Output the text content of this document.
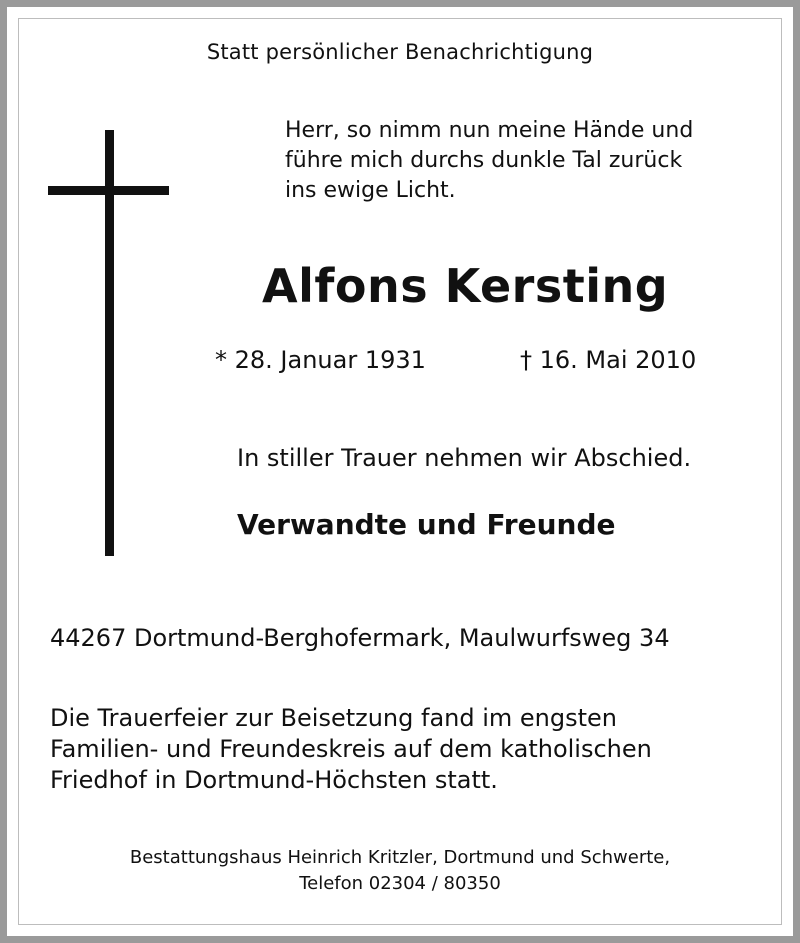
Statt persönlicher Benachrichtigung
Herr, so nimm nun meine Hände und
führe mich durchs dunkle Tal zurück
ins ewige Licht.
Alfons Kersting
* 28. Januar 1931	† 16. Mai 2010
In stiller Trauer nehmen wir Abschied.
Verwandte und Freunde
44267 Dortmund-Berghofermark, Maulwurfsweg 34
Die Trauerfeier zur Beisetzung fand im engsten
Familien- und Freundeskreis auf dem katholischen
Friedhof in Dortmund-Höchsten statt.
Bestattungshaus Heinrich Kritzler, Dortmund und Schwerte,
Telefon 02304 / 80350
